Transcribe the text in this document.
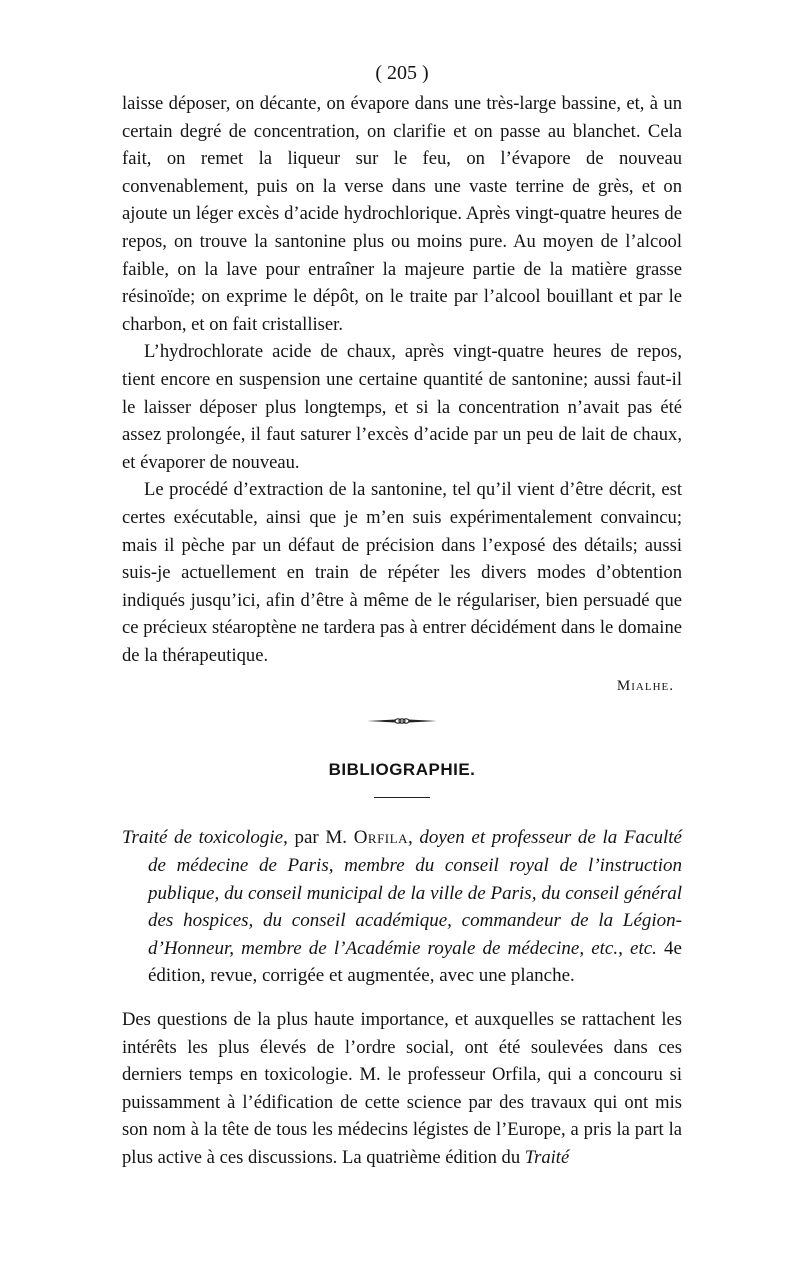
( 205 )

laisse déposer, on décante, on évapore dans une très-large bassine, et, à un certain degré de concentration, on clarifie et on passe au blanchet. Cela fait, on remet la liqueur sur le feu, on l’évapore de nouveau convenablement, puis on la verse dans une vaste terrine de grès, et on ajoute un léger excès d’acide hydrochlorique. Après vingt-quatre heures de repos, on trouve la santonine plus ou moins pure. Au moyen de l’alcool faible, on la lave pour entraîner la majeure partie de la matière grasse résinoïde; on exprime le dépôt, on le traite par l’alcool bouillant et par le charbon, et on fait cristalliser.

L’hydrochlorate acide de chaux, après vingt-quatre heures de repos, tient encore en suspension une certaine quantité de santonine; aussi faut-il le laisser déposer plus longtemps, et si la concentration n’avait pas été assez prolongée, il faut saturer l’excès d’acide par un peu de lait de chaux, et évaporer de nouveau.

Le procédé d’extraction de la santonine, tel qu’il vient d’être décrit, est certes exécutable, ainsi que je m’en suis expérimentalement convaincu; mais il pèche par un défaut de précision dans l’exposé des détails; aussi suis-je actuellement en train de répéter les divers modes d’obtention indiqués jusqu’ici, afin d’être à même de le régulariser, bien persuadé que ce précieux stéaroptène ne tardera pas à entrer décidément dans le domaine de la thérapeutique.

Mialhe.
BIBLIOGRAPHIE.

Traité de toxicologie, par M. Orfila, doyen et professeur de la Faculté de médecine de Paris, membre du conseil royal de l’instruction publique, du conseil municipal de la ville de Paris, du conseil général des hospices, du conseil académique, commandeur de la Légion-d’Honneur, membre de l’Académie royale de médecine, etc., etc. 4e édition, revue, corrigée et augmentée, avec une planche.

Des questions de la plus haute importance, et auxquelles se rattachent les intérêts les plus élevés de l’ordre social, ont été soulevées dans ces derniers temps en toxicologie. M. le professeur Orfila, qui a concouru si puissamment à l’édification de cette science par des travaux qui ont mis son nom à la tête de tous les médecins légistes de l’Europe, a pris la part la plus active à ces discussions. La quatrième édition du Traité
